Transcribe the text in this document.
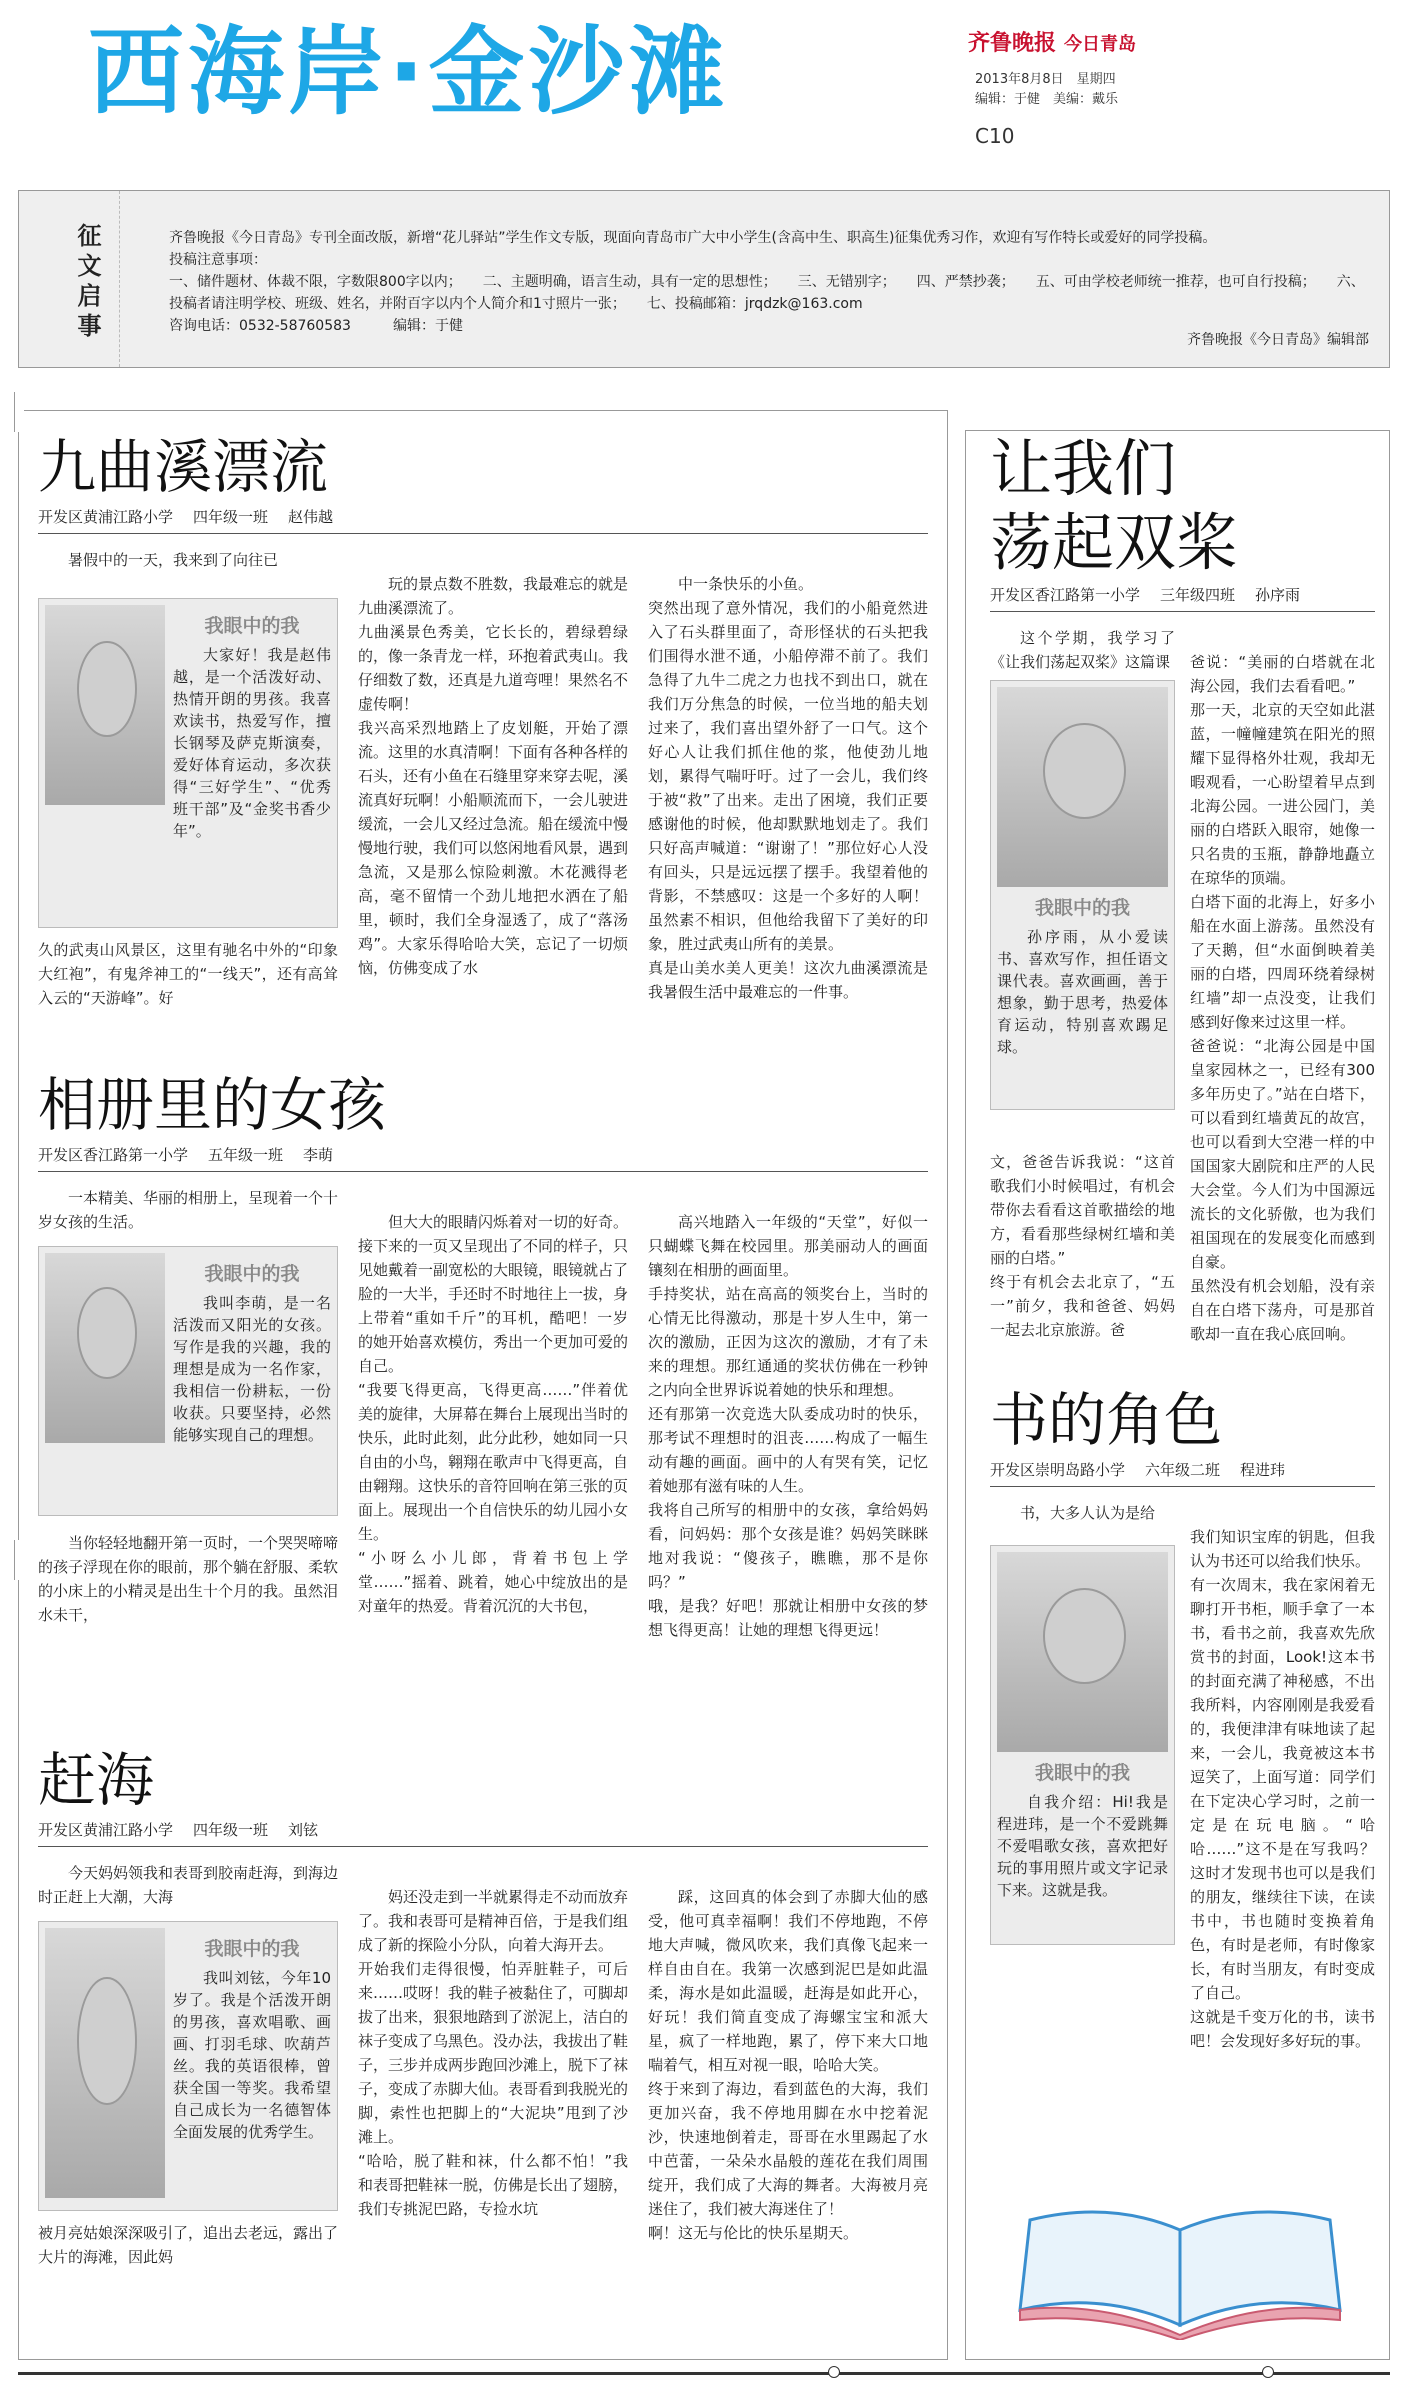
西海岸·金沙滩	齐鲁晚报 今日青岛
2013年8月8日　星期四
编辑：于健　美编：戴乐
C10
征文启事	齐鲁晚报《今日青岛》专刊全面改版，新增“花儿驿站”学生作文专版，现面向青岛市广大中小学生(含高中生、职高生)征集优秀习作，欢迎有写作特长或爱好的同学投稿。

投稿注意事项：

一、储件题材、体裁不限，字数限800字以内；　　二、主题明确，语言生动，具有一定的思想性；　　三、无错别字；　　四、严禁抄袭；　　五、可由学校老师统一推荐，也可自行投稿；　　六、投稿者请注明学校、班级、姓名，并附百字以内个人简介和1寸照片一张；　　七、投稿邮箱：jrqdzk@163.com

咨询电话：0532-58760583　　　编辑：于健

齐鲁晚报《今日青岛》编辑部
九曲溪漂流
开发区黄浦江路小学 四年级一班 赵伟越

暑假中的一天，我来到了向往已

我眼中的我
大家好！我是赵伟越，是一个活泼好动、热情开朗的男孩。我喜欢读书，热爱写作，擅长钢琴及萨克斯演奏，爱好体育运动，多次获得“三好学生”、“优秀班干部”及“金奖书香少年”。

久的武夷山风景区，这里有驰名中外的“印象大红袍”，有鬼斧神工的“一线天”，还有高耸入云的“天游峰”。好

玩的景点数不胜数，我最难忘的就是九曲溪漂流了。
九曲溪景色秀美，它长长的，碧绿碧绿的，像一条青龙一样，环抱着武夷山。我仔细数了数，还真是九道弯哩！果然名不虚传啊！
我兴高采烈地踏上了皮划艇，开始了漂流。这里的水真清啊！下面有各种各样的石头，还有小鱼在石缝里穿来穿去呢，溪流真好玩啊！小船顺流而下，一会儿驶进缓流，一会儿又经过急流。船在缓流中慢慢地行驶，我们可以悠闲地看风景，遇到急流，又是那么惊险刺激。木花溅得老高，毫不留情一个劲儿地把水洒在了船里，顿时，我们全身湿透了，成了“落汤鸡”。大家乐得哈哈大笑，忘记了一切烦恼，仿佛变成了水

中一条快乐的小鱼。
突然出现了意外情况，我们的小船竟然进入了石头群里面了，奇形怪状的石头把我们围得水泄不通，小船停滞不前了。我们急得了九牛二虎之力也找不到出口，就在我们万分焦急的时候，一位当地的船夫划过来了，我们喜出望外舒了一口气。这个好心人让我们抓住他的浆，他使劲儿地划，累得气喘吁吁。过了一会儿，我们终于被“救”了出来。走出了困境，我们正要感谢他的时候，他却默默地划走了。我们只好高声喊道：“谢谢了！”那位好心人没有回头，只是远远摆了摆手。我望着他的背影，不禁感叹：这是一个多好的人啊！虽然素不相识，但他给我留下了美好的印象，胜过武夷山所有的美景。
真是山美水美人更美！这次九曲溪漂流是我暑假生活中最难忘的一件事。

相册里的女孩
开发区香江路第一小学 五年级一班 李萌

一本精美、华丽的相册上，呈现着一个十岁女孩的生活。

我眼中的我
我叫李萌，是一名活泼而又阳光的女孩。写作是我的兴趣，我的理想是成为一名作家，我相信一份耕耘，一份收获。只要坚持，必然能够实现自己的理想。

当你轻轻地翻开第一页时，一个哭哭啼啼的孩子浮现在你的眼前，那个躺在舒服、柔软的小床上的小精灵是出生十个月的我。虽然泪水未干，

但大大的眼睛闪烁着对一切的好奇。
接下来的一页又呈现出了不同的样子，只见她戴着一副宽松的大眼镜，眼镜就占了脸的一大半，手还时不时地往上一拔，身上带着“重如千斤”的耳机，酷吧！一岁的她开始喜欢模仿，秀出一个更加可爱的自己。
“我要飞得更高，飞得更高……”伴着优美的旋律，大屏幕在舞台上展现出当时的快乐，此时此刻，此分此秒，她如同一只自由的小鸟，翱翔在歌声中飞得更高，自由翱翔。这快乐的音符回响在第三张的页面上。展现出一个自信快乐的幼儿园小女生。
“小呀么小儿郎，背着书包上学堂……”摇着、跳着，她心中绽放出的是对童年的热爱。背着沉沉的大书包，

高兴地踏入一年级的“天堂”，好似一只蝴蝶飞舞在校园里。那美丽动人的画面镶刻在相册的画面里。
手持奖状，站在高高的领奖台上，当时的心情无比得激动，那是十岁人生中，第一次的激励，正因为这次的激励，才有了未来的理想。那红通通的奖状仿佛在一秒钟之内向全世界诉说着她的快乐和理想。
还有那第一次竞选大队委成功时的快乐，那考试不理想时的沮丧……构成了一幅生动有趣的画面。画中的人有哭有笑，记忆着她那有滋有味的人生。
我将自己所写的相册中的女孩，拿给妈妈看，问妈妈：那个女孩是谁？妈妈笑眯眯地对我说：“傻孩子，瞧瞧，那不是你吗？”
哦，是我？好吧！那就让相册中女孩的梦想飞得更高！让她的理想飞得更远！

赶海
开发区黄浦江路小学 四年级一班 刘铉

今天妈妈领我和表哥到胶南赶海，到海边时正赶上大潮，大海

我眼中的我
我叫刘铉，今年10岁了。我是个活泼开朗的男孩，喜欢唱歌、画画、打羽毛球、吹葫芦丝。我的英语很棒，曾获全国一等奖。我希望自己成长为一名德智体全面发展的优秀学生。

被月亮姑娘深深吸引了，追出去老远，露出了大片的海滩，因此妈

妈还没走到一半就累得走不动而放弃了。我和表哥可是精神百倍，于是我们组成了新的探险小分队，向着大海开去。
开始我们走得很慢，怕弄脏鞋子，可后来……哎呀！我的鞋子被黏住了，可脚却拔了出来，狠狠地踏到了淤泥上，洁白的袜子变成了乌黑色。没办法，我拔出了鞋子，三步并成两步跑回沙滩上，脱下了袜子，变成了赤脚大仙。表哥看到我脱光的脚，索性也把脚上的“大泥块”甩到了沙滩上。
“哈哈，脱了鞋和袜，什么都不怕！”我和表哥把鞋袜一脱，仿佛是长出了翅膀，我们专挑泥巴路，专捡水坑

踩，这回真的体会到了赤脚大仙的感受，他可真幸福啊！我们不停地跑，不停地大声喊，微风吹来，我们真像飞起来一样自由自在。我第一次感到泥巴是如此温柔，海水是如此温暖，赶海是如此开心，好玩！我们简直变成了海螺宝宝和派大星，疯了一样地跑，累了，停下来大口地喘着气，相互对视一眼，哈哈大笑。
终于来到了海边，看到蓝色的大海，我们更加兴奋，我不停地用脚在水中挖着泥沙，快速地倒着走，哥哥在水里踢起了水中芭蕾，一朵朵水晶般的莲花在我们周围绽开，我们成了大海的舞者。大海被月亮迷住了，我们被大海迷住了！
啊！这无与伦比的快乐星期天。

让我们
荡起双桨
开发区香江路第一小学 三年级四班 孙序雨

这个学期，我学习了《让我们荡起双桨》这篇课

我眼中的我
孙序雨，从小爱读书、喜欢写作，担任语文课代表。喜欢画画，善于想象，勤于思考，热爱体育运动，特别喜欢踢足球。

文，爸爸告诉我说：“这首歌我们小时候唱过，有机会带你去看看这首歌描绘的地方，看看那些绿树红墙和美丽的白塔。”
终于有机会去北京了，“五一”前夕，我和爸爸、妈妈一起去北京旅游。爸

爸说：“美丽的白塔就在北海公园，我们去看看吧。”
那一天，北京的天空如此湛蓝，一幢幢建筑在阳光的照耀下显得格外壮观，我却无暇观看，一心盼望着早点到北海公园。一进公园门，美丽的白塔跃入眼帘，她像一只名贵的玉瓶，静静地矗立在琼华的顶端。
白塔下面的北海上，好多小船在水面上游荡。虽然没有了天鹅，但“水面倒映着美丽的白塔，四周环绕着绿树红墙”却一点没变，让我们感到好像来过这里一样。
爸爸说：“北海公园是中国皇家园林之一，已经有300多年历史了。”站在白塔下，可以看到红墙黄瓦的故宫，也可以看到大空港一样的中国国家大剧院和庄严的人民大会堂。今人们为中国源远流长的文化骄傲，也为我们祖国现在的发展变化而感到自豪。
虽然没有机会划船，没有亲自在白塔下荡舟，可是那首歌却一直在我心底回响。

书的角色
开发区崇明岛路小学 六年级二班 程进玮

书，大多人认为是给

我眼中的我
自我介绍：Hi!我是程进玮，是一个不爱跳舞不爱唱歌女孩，喜欢把好玩的事用照片或文字记录下来。这就是我。

我们知识宝库的钥匙，但我认为书还可以给我们快乐。
有一次周末，我在家闲着无聊打开书柜，顺手拿了一本书，看书之前，我喜欢先欣赏书的封面，Look!这本书的封面充满了神秘感，不出我所料，内容刚刚是我爱看的，我便津津有味地读了起来，一会儿，我竟被这本书逗笑了，上面写道：同学们在下定决心学习时，之前一定是在玩电脑。“哈哈……”这不是在写我吗？这时才发现书也可以是我们的朋友，继续往下读，在读书中，书也随时变换着角色，有时是老师，有时像家长，有时当朋友，有时变成了自己。
这就是千变万化的书，读书吧！会发现好多好玩的事。
